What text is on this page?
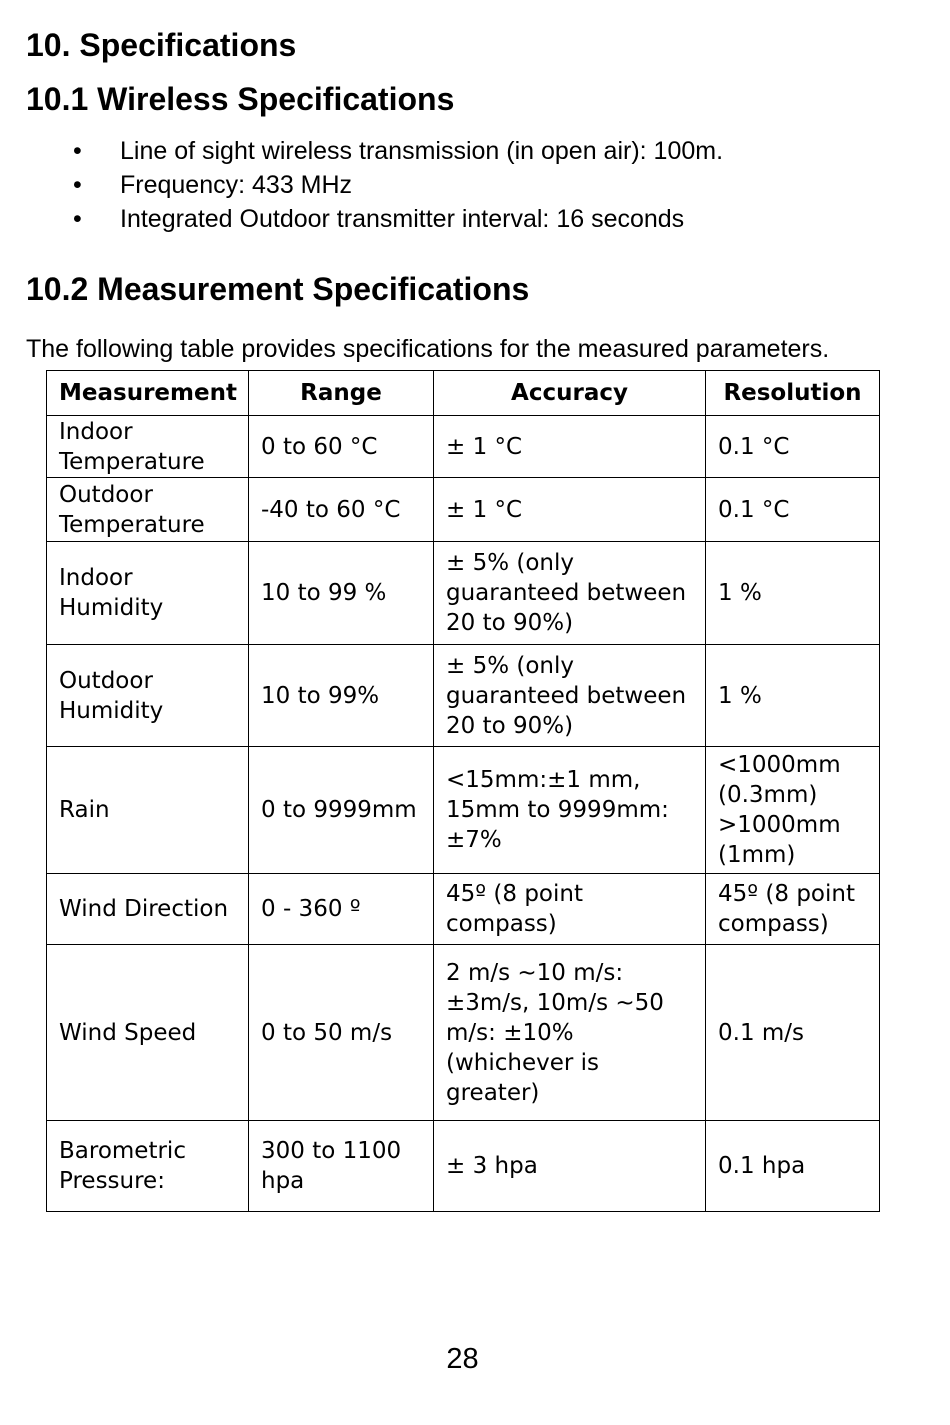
10. Specifications
10.1 Wireless Specifications
• Line of sight wireless transmission (in open air): 100m.
• Frequency: 433 MHz
• Integrated Outdoor transmitter interval: 16 seconds
10.2 Measurement Specifications

The following table provides specifications for the measured parameters.

Measurement	Range	Accuracy	Resolution
Indoor Temperature	0 to 60 °C	± 1 °C	0.1 °C
Outdoor Temperature	-40 to 60 °C	± 1 °C	0.1 °C
Indoor Humidity	10 to 99 %	± 5% (only guaranteed between 20 to 90%)	1 %
Outdoor Humidity	10 to 99%	± 5% (only guaranteed between 20 to 90%)	1 %
Rain	0 to 9999mm	<15mm:±1 mm, 15mm to 9999mm:±7%	<1000mm (0.3mm) >1000mm (1mm)
Wind Direction	0 - 360 º	45º (8 point compass)	45º (8 point compass)
Wind Speed	0 to 50 m/s	2 m/s ~10 m/s: ±3m/s, 10m/s ~50 m/s: ±10% (whichever is greater)	0.1 m/s
Barometric Pressure:	300 to 1100 hpa	± 3 hpa	0.1 hpa
28
